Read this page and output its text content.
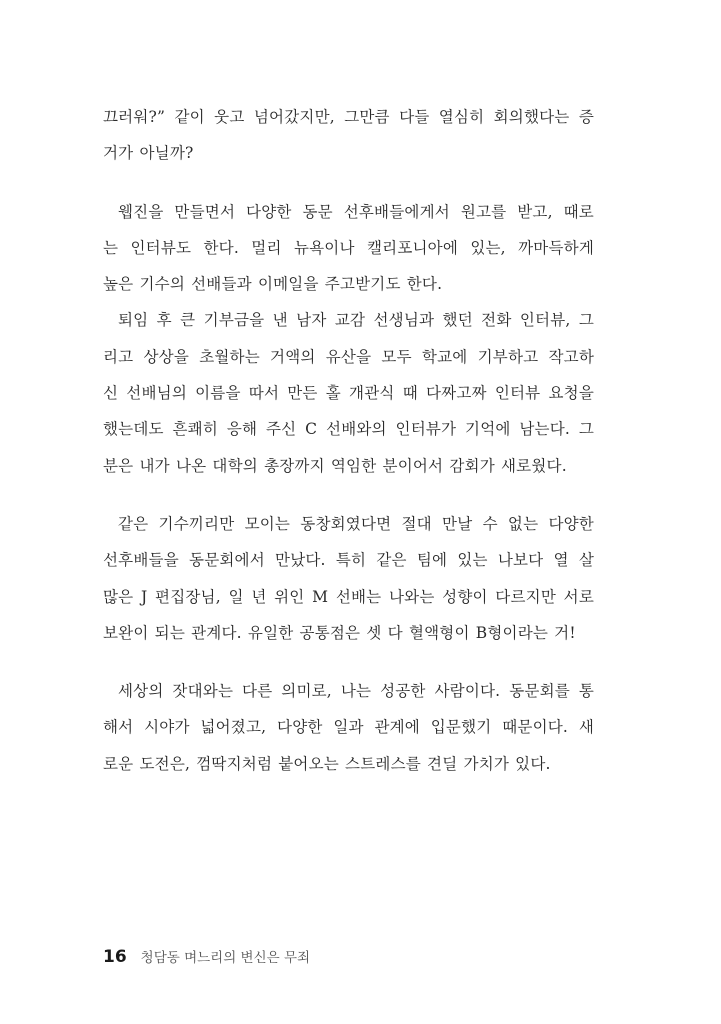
끄러워?” 같이 웃고 넘어갔지만, 그만큼 다들 열심히 회의했다는 증
거가 아닐까?
웹진을 만들면서 다양한 동문 선후배들에게서 원고를 받고, 때로
는 인터뷰도 한다. 멀리 뉴욕이나 캘리포니아에 있는, 까마득하게
높은 기수의 선배들과 이메일을 주고받기도 한다.
퇴임 후 큰 기부금을 낸 남자 교감 선생님과 했던 전화 인터뷰, 그
리고 상상을 초월하는 거액의 유산을 모두 학교에 기부하고 작고하
신 선배님의 이름을 따서 만든 홀 개관식 때 다짜고짜 인터뷰 요청을
했는데도 흔쾌히 응해 주신 C 선배와의 인터뷰가 기억에 남는다. 그
분은 내가 나온 대학의 총장까지 역임한 분이어서 감회가 새로웠다.
같은 기수끼리만 모이는 동창회였다면 절대 만날 수 없는 다양한
선후배들을 동문회에서 만났다. 특히 같은 팀에 있는 나보다 열 살
많은 J 편집장님, 일 년 위인 M 선배는 나와는 성향이 다르지만 서로
보완이 되는 관계다. 유일한 공통점은 셋 다 혈액형이 B형이라는 거!
세상의 잣대와는 다른 의미로, 나는 성공한 사람이다. 동문회를 통
해서 시야가 넓어졌고, 다양한 일과 관계에 입문했기 때문이다. 새
로운 도전은, 껌딱지처럼 붙어오는 스트레스를 견딜 가치가 있다.
16 청담동 며느리의 변신은 무죄
